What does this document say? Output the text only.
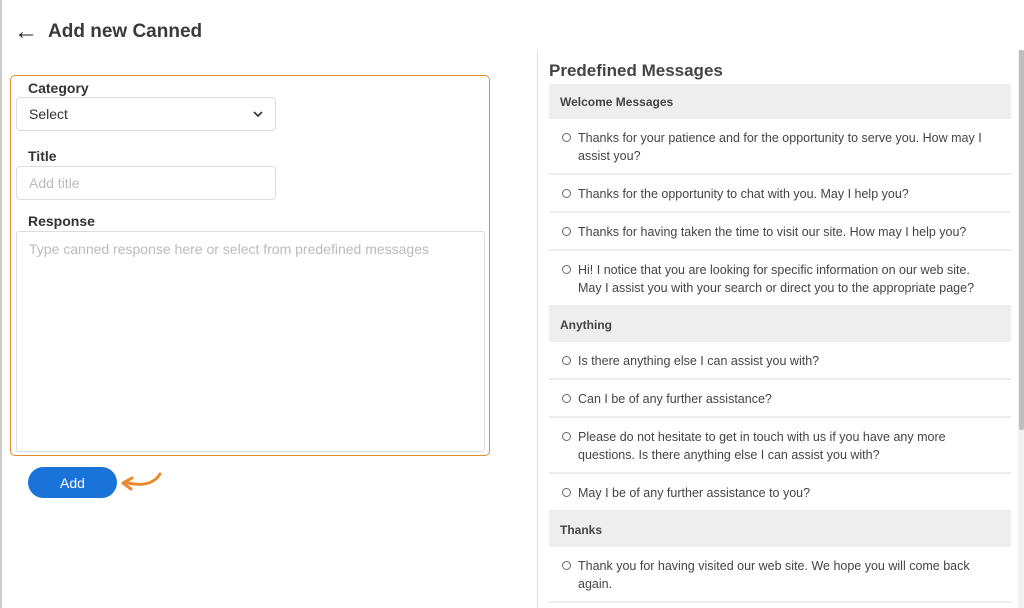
← Add new Canned
Category
Select
Title
Add title
Response
Type canned response here or select from predefined messages
Add
Predefined Messages
Welcome Messages
Thanks for your patience and for the opportunity to serve you. How may I assist you?
Thanks for the opportunity to chat with you. May I help you?
Thanks for having taken the time to visit our site. How may I help you?
Hi! I notice that you are looking for specific information on our web site. May I assist you with your search or direct you to the appropriate page?
Anything
Is there anything else I can assist you with?
Can I be of any further assistance?
Please do not hesitate to get in touch with us if you have any more questions. Is there anything else I can assist you with?
May I be of any further assistance to you?
Thanks
Thank you for having visited our web site. We hope you will come back again.
